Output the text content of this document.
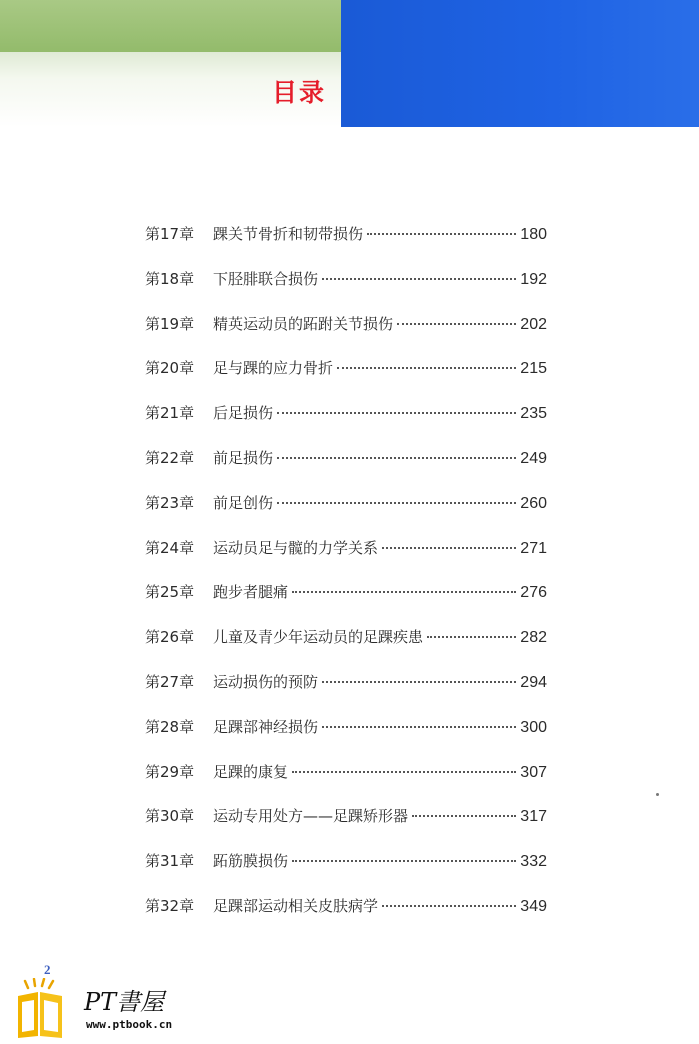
目录
第17章	踝关节骨折和韧带损伤	180
第18章	下胫腓联合损伤	192
第19章	精英运动员的跖跗关节损伤	202
第20章	足与踝的应力骨折	215
第21章	后足损伤	235
第22章	前足损伤	249
第23章	前足创伤	260
第24章	运动员足与髋的力学关系	271
第25章	跑步者腿痛	276
第26章	儿童及青少年运动员的足踝疾患	282
第27章	运动损伤的预防	294
第28章	足踝部神经损伤	300
第29章	足踝的康复	307
第30章	运动专用处方——足踝矫形器	317
第31章	跖筋膜损伤	332
第32章	足踝部运动相关皮肤病学	349
2
PT書屋
www.ptbook.cn
